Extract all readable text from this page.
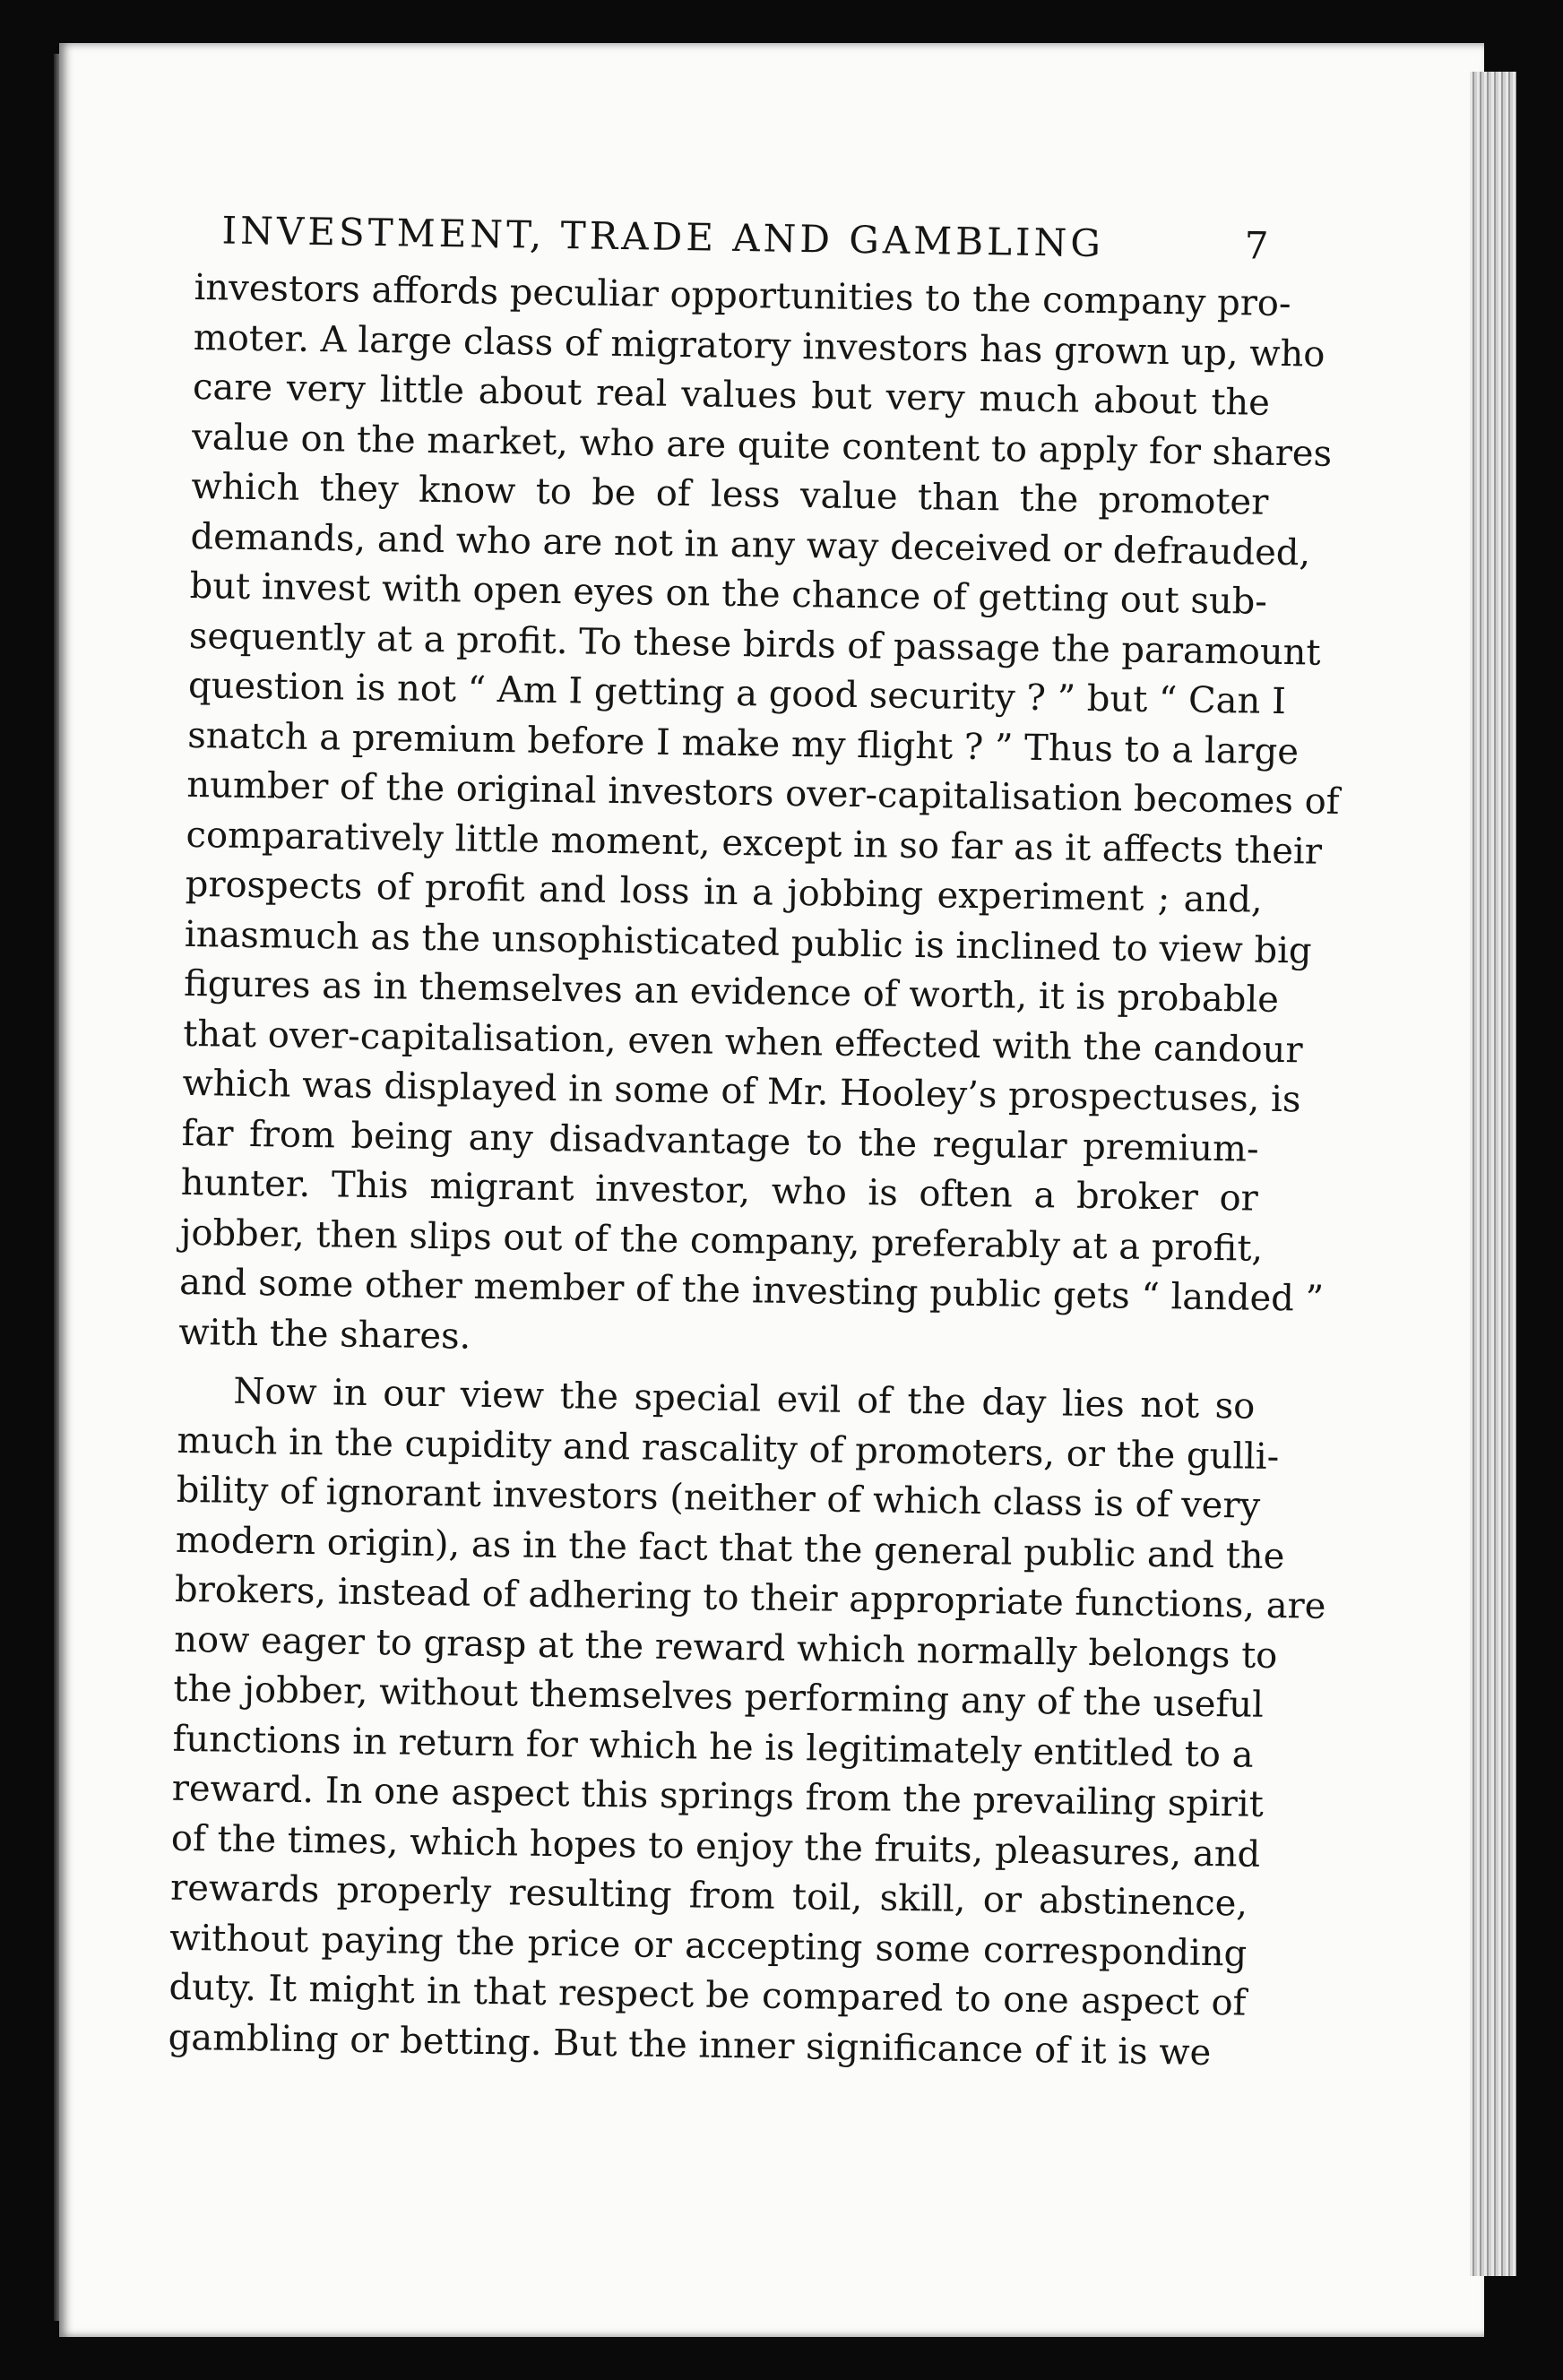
INVESTMENT, TRADE AND GAMBLING	7
investors affords peculiar opportunities to the company pro-
moter. A large class of migratory investors has grown up, who
care very little about real values but very much about the
value on the market, who are quite content to apply for shares
which they know to be of less value than the promoter
demands, and who are not in any way deceived or defrauded,
but invest with open eyes on the chance of getting out sub-
sequently at a profit. To these birds of passage the paramount
question is not “ Am I getting a good security ? ” but “ Can I
snatch a premium before I make my flight ? ” Thus to a large
number of the original investors over-capitalisation becomes of
comparatively little moment, except in so far as it affects their
prospects of profit and loss in a jobbing experiment ; and,
inasmuch as the unsophisticated public is inclined to view big
figures as in themselves an evidence of worth, it is probable
that over-capitalisation, even when effected with the candour
which was displayed in some of Mr. Hooley’s prospectuses, is
far from being any disadvantage to the regular premium-
hunter. This migrant investor, who is often a broker or
jobber, then slips out of the company, preferably at a profit,
and some other member of the investing public gets “ landed ”
with the shares.
Now in our view the special evil of the day lies not so
much in the cupidity and rascality of promoters, or the gulli-
bility of ignorant investors (neither of which class is of very
modern origin), as in the fact that the general public and the
brokers, instead of adhering to their appropriate functions, are
now eager to grasp at the reward which normally belongs to
the jobber, without themselves performing any of the useful
functions in return for which he is legitimately entitled to a
reward. In one aspect this springs from the prevailing spirit
of the times, which hopes to enjoy the fruits, pleasures, and
rewards properly resulting from toil, skill, or abstinence,
without paying the price or accepting some corresponding
duty. It might in that respect be compared to one aspect of
gambling or betting. But the inner significance of it is we
